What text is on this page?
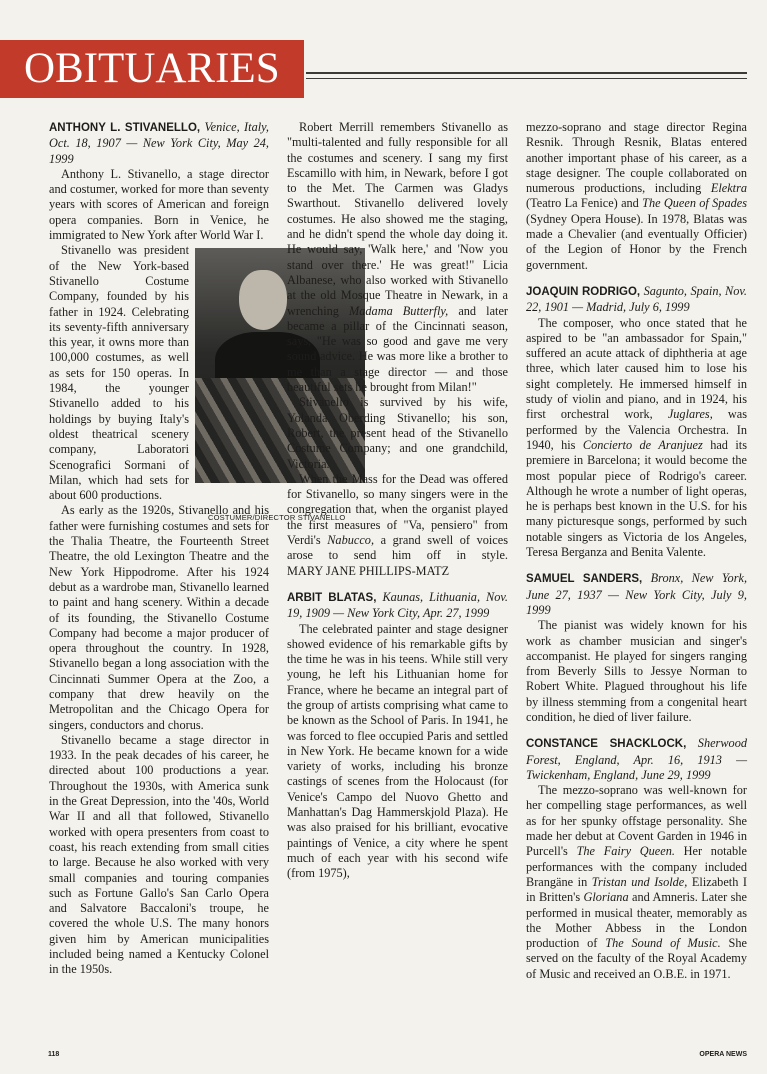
OBITUARIES
ANTHONY L. STIVANELLO, Venice, Italy, Oct. 18, 1907 — New York City, May 24, 1999

Anthony L. Stivanello, a stage director and costumer, worked for more than seventy years with scores of American and foreign opera companies. Born in Venice, he immigrated to New York after World War I.

Stivanello was president of the New York-based Stivanello Costume Company, founded by his father in 1924. Celebrating its seventy-fifth anniversary this year, it owns more than 100,000 costumes, as well as sets for 150 operas. In 1984, the younger Stivanello added to his holdings by buying Italy's oldest theatrical scenery company, Laboratori Scenografici Sormani of Milan, which had sets for about 600 productions.

As early as the 1920s, Stivanello and his father were furnishing costumes and sets for the Thalia Theatre, the Fourteenth Street Theatre, the old Lexington Theatre and the New York Hippodrome. After his 1924 debut as a wardrobe man, Stivanello learned to paint and hang scenery. Within a decade of its founding, the Stivanello Costume Company had become a major producer of opera throughout the country. In 1928, Stivanello began a long association with the Cincinnati Summer Opera at the Zoo, a company that drew heavily on the Metropolitan and the Chicago Opera for singers, conductors and chorus.

Stivanello became a stage director in 1933. In the peak decades of his career, he directed about 100 productions a year. Throughout the 1930s, with America sunk in the Great Depression, into the '40s, World War II and all that followed, Stivanello worked with opera presenters from coast to coast, his reach extending from small cities to large. Because he also worked with very small companies and touring companies such as Fortune Gallo's San Carlo Opera and Salvatore Baccaloni's troupe, he covered the whole U.S. The many honors given him by American municipalities included being named a Kentucky Colonel in the 1950s.

COSTUMER/DIRECTOR STIVANELLO

Robert Merrill remembers Stivanello as "multi-talented and fully responsible for all the costumes and scenery. I sang my first Escamillo with him, in Newark, before I got to the Met. The Carmen was Gladys Swarthout. Stivanello delivered lovely costumes. He also showed me the staging, and he didn't spend the whole day doing it. He would say, 'Walk here,' and 'Now you stand over there.' He was great!" Licia Albanese, who also worked with Stivanello at the old Mosque Theatre in Newark, in a wrenching Madama Butterfly, and later became a pillar of the Cincinnati season, says, "He was so good and gave me very sound advice. He was more like a brother to me than a stage director — and those beautiful sets he brought from Milan!"

Stivanello is survived by his wife, Yolanda Oberding Stivanello; his son, Robert, the present head of the Stivanello Costume Company; and one grandchild, Victoria.

When the Mass for the Dead was offered for Stivanello, so many singers were in the congregation that, when the organist played the first measures of "Va, pensiero" from Verdi's Nabucco, a grand swell of voices arose to send him off in style. MARY JANE PHILLIPS-MATZ

ARBIT BLATAS, Kaunas, Lithuania, Nov. 19, 1909 — New York City, Apr. 27, 1999

The celebrated painter and stage designer showed evidence of his remarkable gifts by the time he was in his teens. While still very young, he left his Lithuanian home for France, where he became an integral part of the group of artists comprising what came to be known as the School of Paris. In 1941, he was forced to flee occupied Paris and settled in New York. He became known for a wide variety of works, including his bronze castings of scenes from the Holocaust (for Venice's Campo del Nuovo Ghetto and Manhattan's Dag Hammerskjold Plaza). He was also praised for his brilliant, evocative paintings of Venice, a city where he spent much of each year with his second wife (from 1975),

mezzo-soprano and stage director Regina Resnik. Through Resnik, Blatas entered another important phase of his career, as a stage designer. The couple collaborated on numerous productions, including Elektra (Teatro La Fenice) and The Queen of Spades (Sydney Opera House). In 1978, Blatas was made a Chevalier (and eventually Officier) of the Legion of Honor by the French government.

JOAQUIN RODRIGO, Sagunto, Spain, Nov. 22, 1901 — Madrid, July 6, 1999

The composer, who once stated that he aspired to be "an ambassador for Spain," suffered an acute attack of diphtheria at age three, which later caused him to lose his sight completely. He immersed himself in study of violin and piano, and in 1924, his first orchestral work, Juglares, was performed by the Valencia Orchestra. In 1940, his Concierto de Aranjuez had its premiere in Barcelona; it would become the most popular piece of Rodrigo's career. Although he wrote a number of light operas, he is perhaps best known in the U.S. for his many picturesque songs, performed by such notable singers as Victoria de los Angeles, Teresa Berganza and Benita Valente.

SAMUEL SANDERS, Bronx, New York, June 27, 1937 — New York City, July 9, 1999

The pianist was widely known for his work as chamber musician and singer's accompanist. He played for singers ranging from Beverly Sills to Jessye Norman to Robert White. Plagued throughout his life by illness stemming from a congenital heart condition, he died of liver failure.

CONSTANCE SHACKLOCK, Sherwood Forest, England, Apr. 16, 1913 — Twickenham, England, June 29, 1999

The mezzo-soprano was well-known for her compelling stage performances, as well as for her spunky offstage personality. She made her debut at Covent Garden in 1946 in Purcell's The Fairy Queen. Her notable performances with the company included Brangäne in Tristan und Isolde, Elizabeth I in Britten's Gloriana and Amneris. Later she performed in musical theater, memorably as the Mother Abbess in the London production of The Sound of Music. She served on the faculty of the Royal Academy of Music and received an O.B.E. in 1971.

118	OPERA NEWS
